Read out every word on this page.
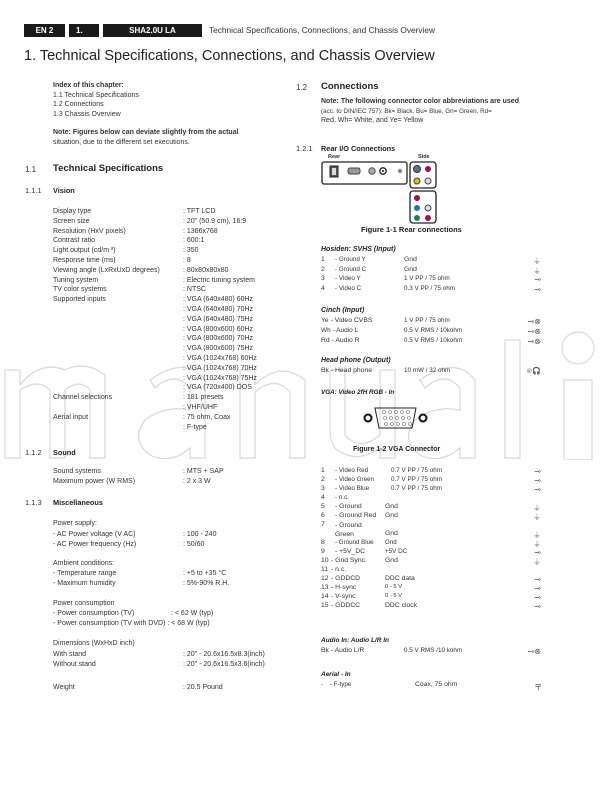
EN 2	1.	SHA2.0U LA	Technical Specifications, Connections, and Chassis Overview
1. Technical Specifications, Connections, and Chassis Overview
Index of this chapter:
1.1 Technical Specifications
1.2 Connections
1.3 Chassis Overview
Note: Figures below can deviate slightly from the actual
situation, due to the different set executions.
1.1 Technical Specifications
1.1.1 Vision
Display type	: TFT LCD
Screen size	: 20" (50.9 cm), 16:9
Resolution (HxV pixels)	: 1366x768
Contrast ratio	: 600:1
Light output (cd/m ²)	: 350
Response time (ms)	: 8
Viewing angle (LxRxUxD degrees)	: 80x80x80x80
Tuning system	: Electric tuning system
TV color systems	: NTSC
Supported inputs	: VGA (640x480) 60Hz
: VGA (640x480) 70Hz
: VGA (640x480) 75Hz
: VGA (800x600) 60Hz
: VGA (800x600) 70Hz
: VGA (800x600) 75Hz
: VGA (1024x768) 60Hz
: VGA (1024x768) 70Hz
: VGA (1024x768) 75Hz
: VGA (720x400) DOS
Channel selections	: 181 presets
: VHF/UHF
Aerial input	: 75 ohm, Coax
: F-type
1.1.2 Sound
Sound systems	: MTS + SAP
Maximum power (W RMS)	: 2 x 3 W
1.1.3 Miscellaneous
Power supply:
- AC Power voltage (V AC)	: 100 - 240
- AC Power frequency (Hz)	: 50/60
Ambient conditions:
- Temperature range	: +5 to +35 °C
- Maximum humidity	: 5%-90% R.H.
Power consumption
- Power consumption (TV)	: < 62 W (typ)
- Power consumption (TV with DVD) : < 68 W (typ)
Dimensions (WxHxD inch)
With stand	: 20" - 20.6x16.5x8.3(inch)
Without stand	: 20" - 20.6x16.5x3.6(inch)
Weight	: 20.5 Pound
1.2 Connections
Note: The following connector color abbreviations are used
(acc. to DIN/IEC 757): Bk= Black, Bu= Blue, Gn= Green, Rd=
Red, Wh= White, and Ye= Yellow
1.2.1 Rear I/O Connections
Rear	Side
Figure 1-1 Rear connections
Hosiden: SVHS (Input)
1 - Ground Y	Gnd	⏚
2 - Ground C	Gnd	⏚
3 - Video Y	1 V PP / 75 ohm	⊸
4 - Video C	0.3 V PP / 75 ohm	⊸
Cinch (Input)
Ye - Video CVBS	1 V PP / 75 ohm	⊸⊗
Wh - Audio L	0.5 V RMS / 10kohm	⊸⊗
Rd - Audio R	0.5 V RMS / 10kohm	⊸⊗
Head phone (Output)
Bk - Head phone	10 mW / 32 ohm	⊗🎧
VGA: Video 2fH RGB - In
Figure 1-2 VGA Connector
1 - Video Red	0.7 V PP / 75 ohm	⊸
2 - Video Green	0.7 V PP / 75 ohm	⊸
3 - Video Blue	0.7 V PP / 75 ohm	⊸
4 - n.c.
5 - Ground	Gnd	⏚
6 - Ground Red Gnd	⏚
7 - Ground Green	Gnd	⏚
8 - Ground Blue Gnd	⏚
9 - +5V_DC	+5V DC	⊸
10 - Gnd Sync	Gnd	⏚
11 - n.c.
12 - GDDCD	DDC data	⊸
13 - H-sync	0 - 5 V	⊸
14 - V-sync	0 - 5 V	⊸
15 - GDDCC	DDC clock	⊸
Audio In: Audio L/R In
Bk - Audio L/R	0.5 V RMS /10 kohm	⊸⊗
Aerial - In
-    - F-type	Coax, 75 ohm	╤
